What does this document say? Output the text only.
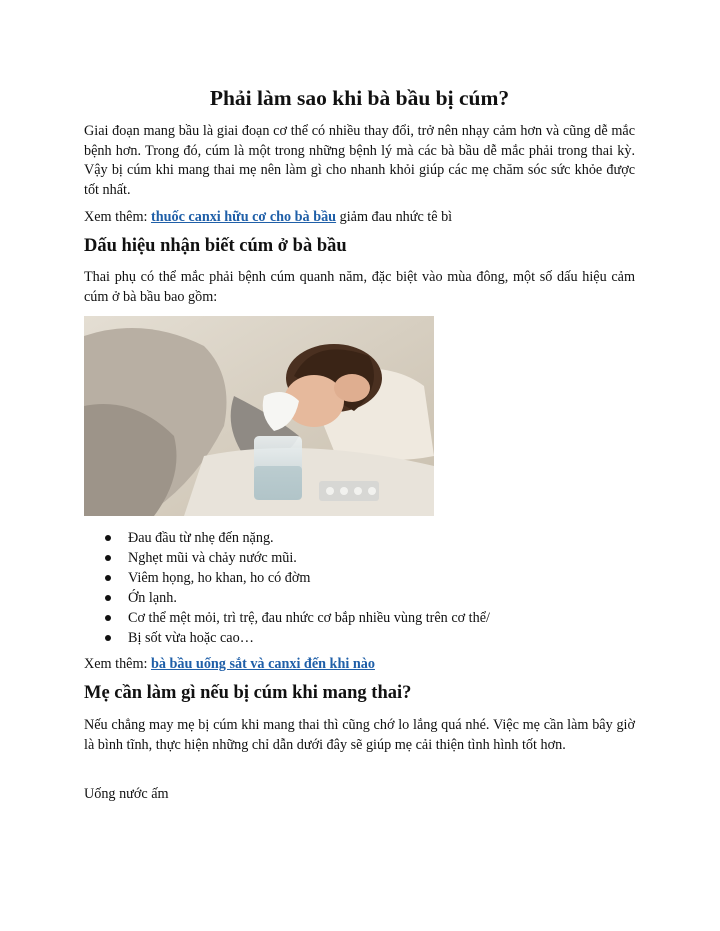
Phải làm sao khi bà bầu bị cúm?

Giai đoạn mang bầu là giai đoạn cơ thể có nhiều thay đổi, trở nên nhạy cảm hơn và cũng dễ mắc bệnh hơn. Trong đó, cúm là một trong những bệnh lý mà các bà bầu dễ mắc phải trong thai kỳ. Vậy bị cúm khi mang thai mẹ nên làm gì cho nhanh khỏi giúp các mẹ chăm sóc sức khỏe được tốt nhất.

Xem thêm: thuốc canxi hữu cơ cho bà bầu giảm đau nhức tê bì

Dấu hiệu nhận biết cúm ở bà bầu

Thai phụ có thể mắc phải bệnh cúm quanh năm, đặc biệt vào mùa đông, một số dấu hiệu cảm cúm ở bà bầu bao gồm:

Đau đầu từ nhẹ đến nặng.
Nghẹt mũi và chảy nước mũi.
Viêm họng, ho khan, ho có đờm
Ớn lạnh.
Cơ thể mệt mỏi, trì trệ, đau nhức cơ bắp nhiều vùng trên cơ thể/
Bị sốt vừa hoặc cao…

Xem thêm: bà bầu uống sắt và canxi đến khi nào

Mẹ cần làm gì nếu bị cúm khi mang thai?

Nếu chẳng may mẹ bị cúm khi mang thai thì cũng chớ lo lắng quá nhé. Việc mẹ cần làm bây giờ là bình tĩnh, thực hiện những chỉ dẫn dưới đây sẽ giúp mẹ cải thiện tình hình tốt hơn.

Uống nước ấm
